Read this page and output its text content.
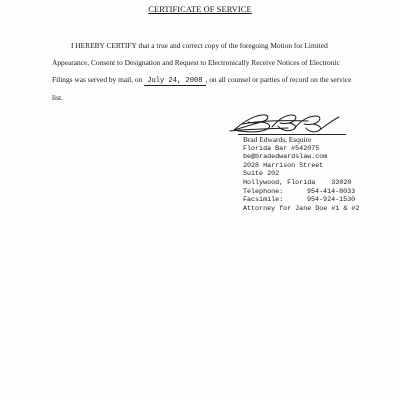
CERTIFICATE OF SERVICE
I HEREBY CERTIFY that a true and correct copy of the foregoing Motion for Limited
Appearance, Consent to Designation and Request to Electronically Receive Notices of Electronic
Filings was served by mail, on July 24, 2008 , on all counsel or parties of record on the service
list.
Brad Edwards, Esquire
Florida Bar #542075
be@bradedwardslaw.com
2028 Harrison Street
Suite 202
Hollywood, Florida    33020
Telephone:	954-414-8033
Facsimile:	954-924-1530
Attorney for Jane Doe #1 & #2
